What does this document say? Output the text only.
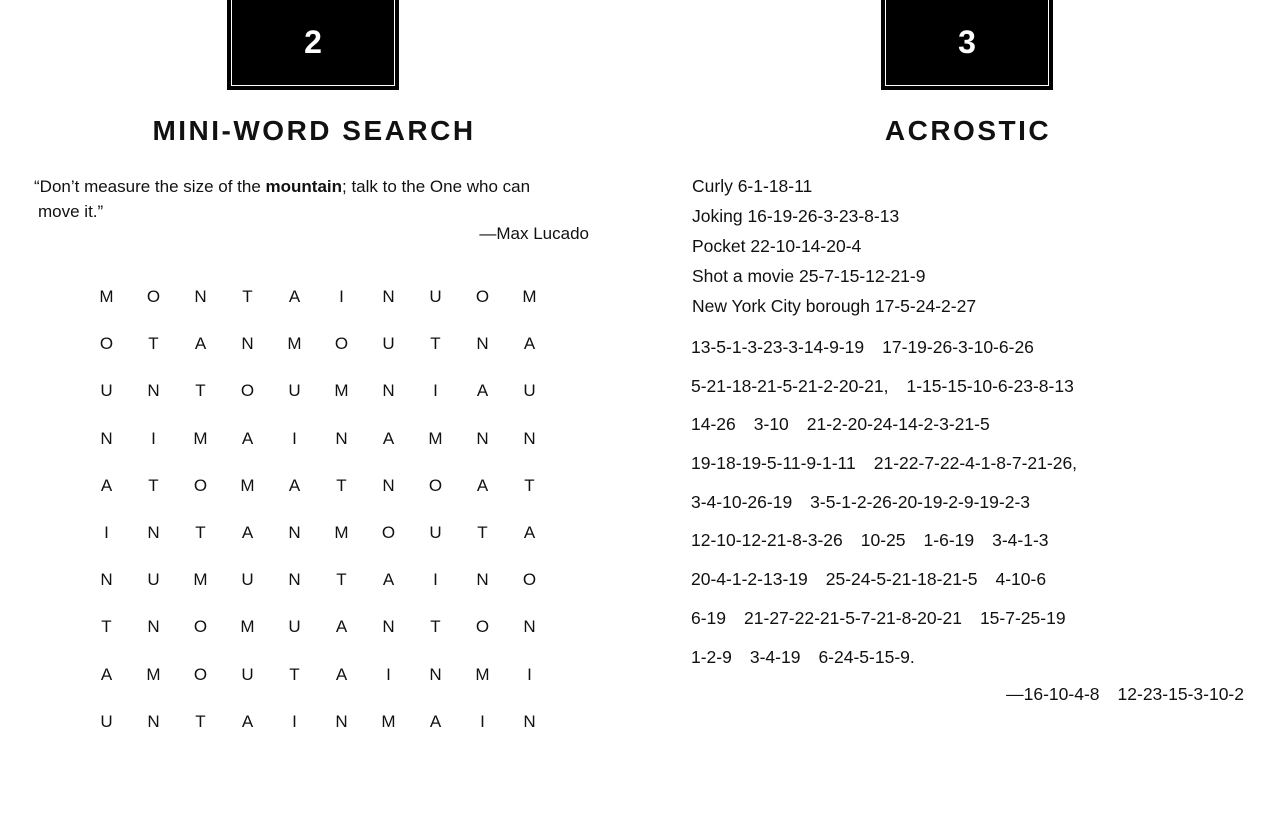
2
MINI-WORD SEARCH
“Don’t measure the size of the mountain; talk to the One who can
move it.”
—Max Lucado
M	O	N	T	A	I	N	U	O	M
O	T	A	N	M	O	U	T	N	A
U	N	T	O	U	M	N	I	A	U
N	I	M	A	I	N	A	M	N	N
A	T	O	M	A	T	N	O	A	T
I	N	T	A	N	M	O	U	T	A
N	U	M	U	N	T	A	I	N	O
T	N	O	M	U	A	N	T	O	N
A	M	O	U	T	A	I	N	M	I
U	N	T	A	I	N	M	A	I	N
3
ACROSTIC
Curly 6-1-18-11
Joking 16-19-26-3-23-8-13
Pocket 22-10-14-20-4
Shot a movie 25-7-15-12-21-9
New York City borough 17-5-24-2-27
13-5-1-3-23-3-14-9-19 17-19-26-3-10-6-26
5-21-18-21-5-21-2-20-21, 1-15-15-10-6-23-8-13
14-26 3-10 21-2-20-24-14-2-3-21-5
19-18-19-5-11-9-1-11 21-22-7-22-4-1-8-7-21-26,
3-4-10-26-19 3-5-1-2-26-20-19-2-9-19-2-3
12-10-12-21-8-3-26 10-25 1-6-19 3-4-1-3
20-4-1-2-13-19 25-24-5-21-18-21-5 4-10-6
6-19 21-27-22-21-5-7-21-8-20-21 15-7-25-19
1-2-9 3-4-19 6-24-5-15-9.
—16-10-4-8 12-23-15-3-10-2
